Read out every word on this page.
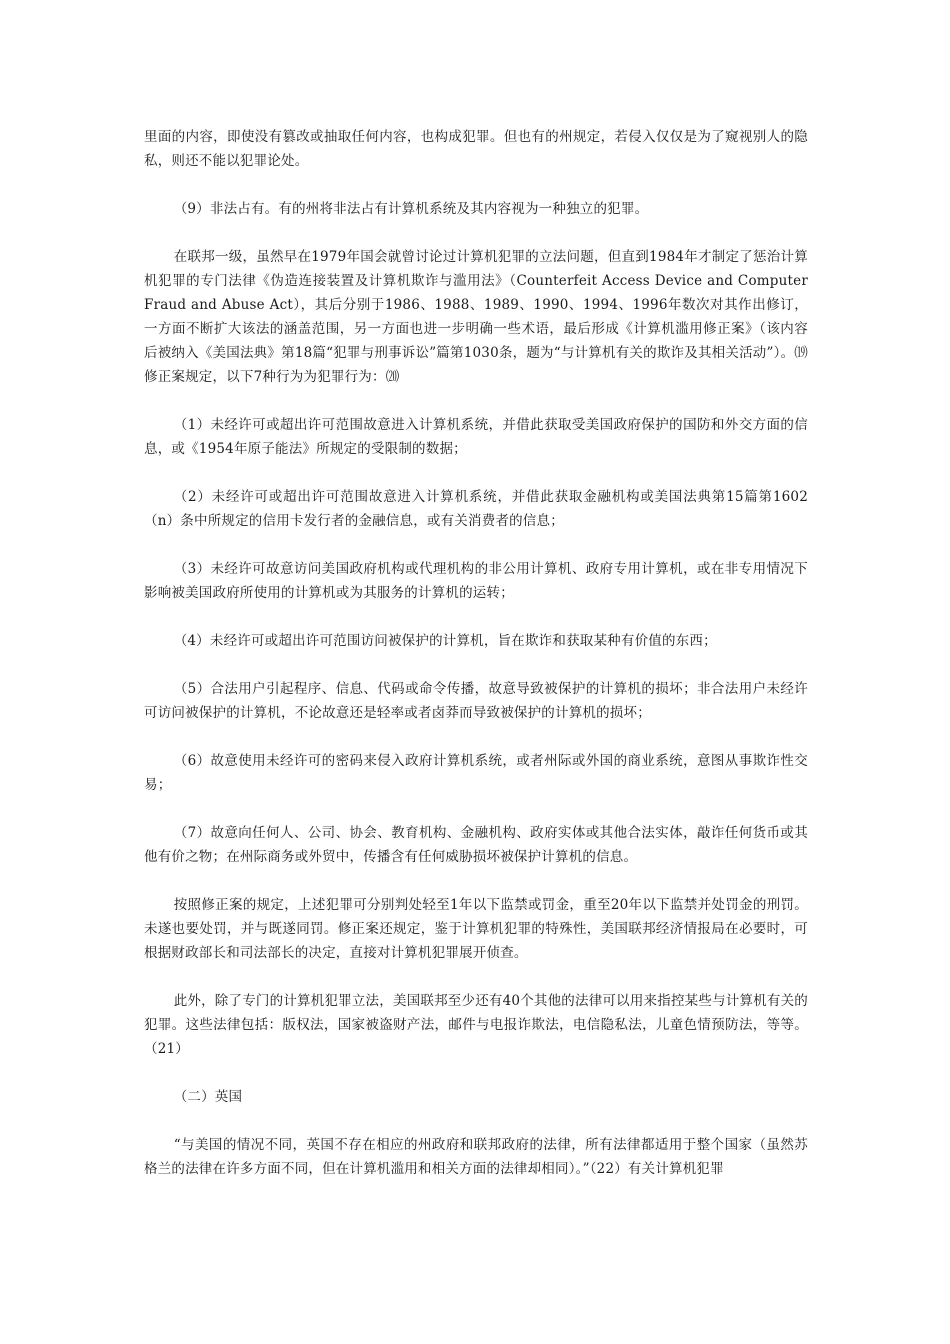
里面的内容，即使没有篡改或抽取任何内容，也构成犯罪。但也有的州规定，若侵入仅仅是为了窥视别人的隐私，则还不能以犯罪论处。

（9）非法占有。有的州将非法占有计算机系统及其内容视为一种独立的犯罪。

在联邦一级，虽然早在1979年国会就曾讨论过计算机犯罪的立法问题，但直到1984年才制定了惩治计算机犯罪的专门法律《伪造连接装置及计算机欺诈与滥用法》（Counterfeit Access Device and Computer Fraud and Abuse Act），其后分别于1986、1988、1989、1990、1994、1996年数次对其作出修订，一方面不断扩大该法的涵盖范围，另一方面也进一步明确一些术语，最后形成《计算机滥用修正案》（该内容后被纳入《美国法典》第18篇“犯罪与刑事诉讼”篇第1030条，题为“与计算机有关的欺诈及其相关活动”）。⒆修正案规定，以下7种行为为犯罪行为：⒇

（1）未经许可或超出许可范围故意进入计算机系统，并借此获取受美国政府保护的国防和外交方面的信息，或《1954年原子能法》所规定的受限制的数据；

（2）未经许可或超出许可范围故意进入计算机系统，并借此获取金融机构或美国法典第15篇第1602（n）条中所规定的信用卡发行者的金融信息，或有关消费者的信息；

（3）未经许可故意访问美国政府机构或代理机构的非公用计算机、政府专用计算机，或在非专用情况下影响被美国政府所使用的计算机或为其服务的计算机的运转；

（4）未经许可或超出许可范围访问被保护的计算机，旨在欺诈和获取某种有价值的东西；

（5）合法用户引起程序、信息、代码或命令传播，故意导致被保护的计算机的损坏；非合法用户未经许可访问被保护的计算机，不论故意还是轻率或者卤莽而导致被保护的计算机的损坏；

（6）故意使用未经许可的密码来侵入政府计算机系统，或者州际或外国的商业系统，意图从事欺诈性交易；

（7）故意向任何人、公司、协会、教育机构、金融机构、政府实体或其他合法实体，敲诈任何货币或其他有价之物；在州际商务或外贸中，传播含有任何威胁损坏被保护计算机的信息。

按照修正案的规定，上述犯罪可分别判处轻至1年以下监禁或罚金，重至20年以下监禁并处罚金的刑罚。未遂也要处罚，并与既遂同罚。修正案还规定，鉴于计算机犯罪的特殊性，美国联邦经济情报局在必要时，可根据财政部长和司法部长的决定，直接对计算机犯罪展开侦查。

此外，除了专门的计算机犯罪立法，美国联邦至少还有40个其他的法律可以用来指控某些与计算机有关的犯罪。这些法律包括：版权法，国家被盗财产法，邮件与电报诈欺法，电信隐私法，儿童色情预防法，等等。（21）

（二）英国

“与美国的情况不同，英国不存在相应的州政府和联邦政府的法律，所有法律都适用于整个国家（虽然苏格兰的法律在许多方面不同，但在计算机滥用和相关方面的法律却相同）。”（22）有关计算机犯罪
